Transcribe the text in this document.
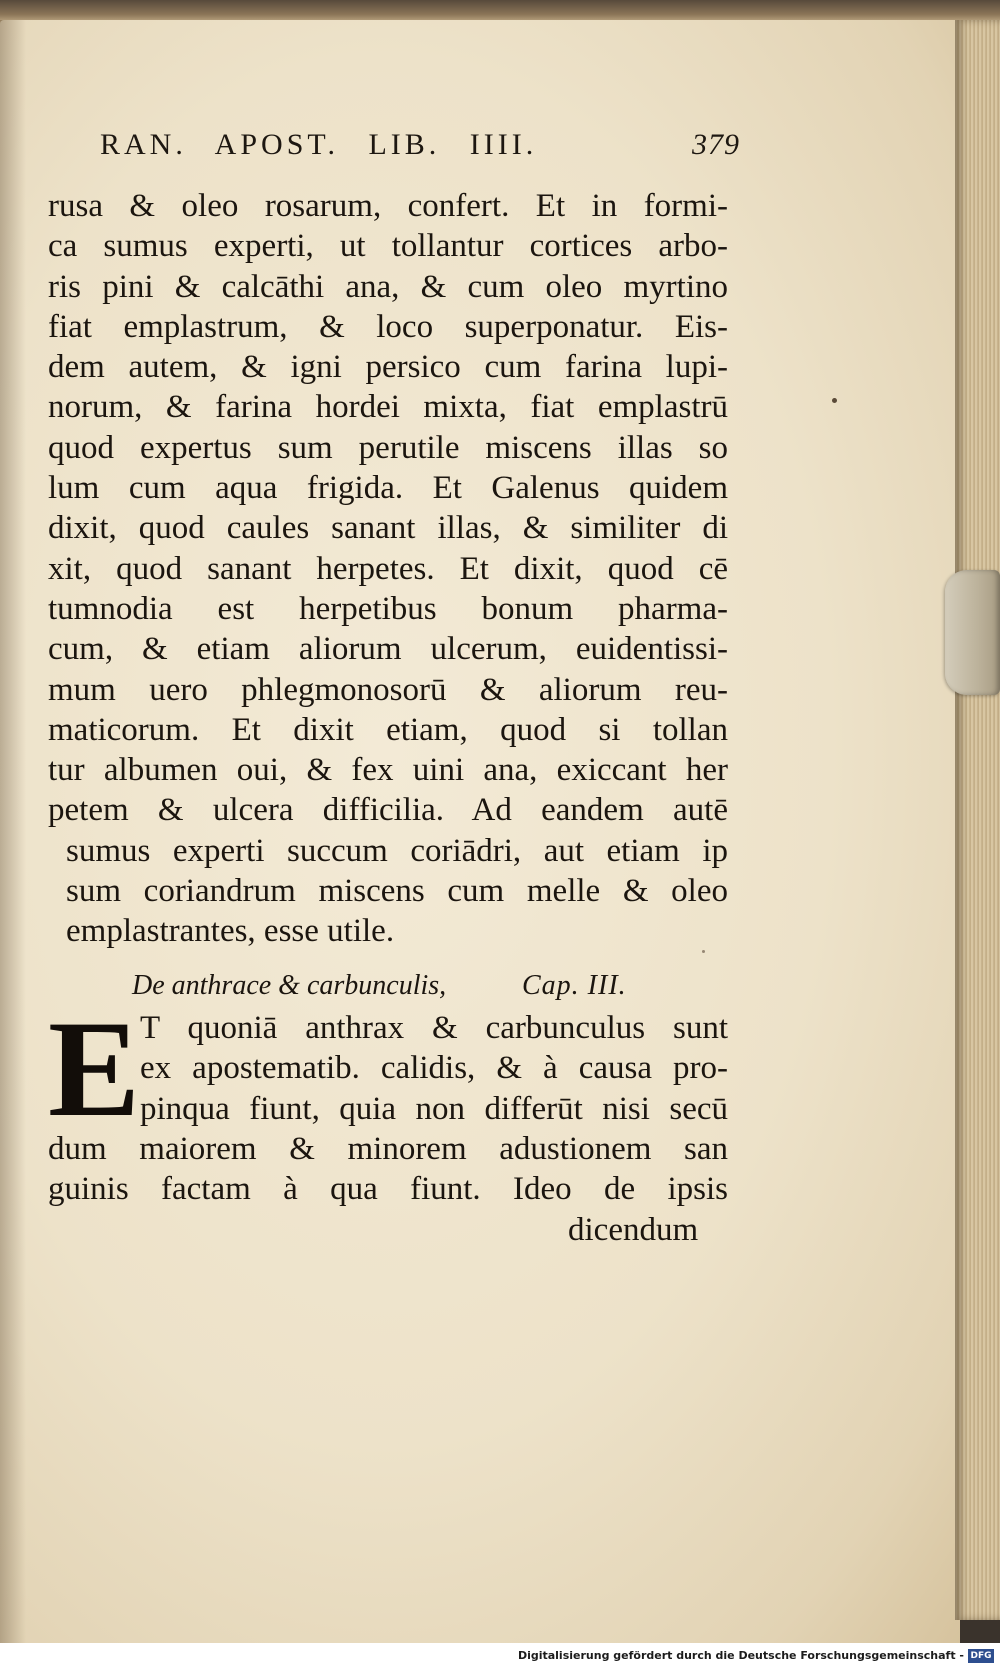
RAN. APOST. LIB. IIII.	379
rusa & oleo rosarum, confert. Et in formi-
ca sumus experti, ut tollantur cortices arbo-
ris pini & calcāthi ana, & cum oleo myrtino
fiat emplastrum, & loco superponatur. Eis-
dem autem, & igni persico cum farina lupi-
norum, & farina hordei mixta, fiat emplastrū
quod expertus sum perutile miscens illas so
lum cum aqua frigida. Et Galenus quidem
dixit, quod caules sanant illas, & similiter di
xit, quod sanant herpetes. Et dixit, quod cē
tumnodia est herpetibus bonum pharma-
cum, & etiam aliorum ulcerum, euidentissi-
mum uero phlegmonosorū & aliorum reu-
maticorum. Et dixit etiam, quod si tollan
tur albumen oui, & fex uini ana, exiccant her
petem & ulcera difficilia. Ad eandem autē
sumus experti succum coriādri, aut etiam ip
sum coriandrum miscens cum melle & oleo
emplastrantes, esse utile.
De anthrace & carbunculis,	Cap. III.
E T quoniā anthrax & carbunculus sunt
ex apostematib. calidis, & à causa pro-
pinqua fiunt, quia non differūt nisi secū
dum maiorem & minorem adustionem san
guinis factam à qua fiunt. Ideo de ipsis
dicendum
Digitalisierung gefördert durch die Deutsche Forschungsgemeinschaft - DFG
